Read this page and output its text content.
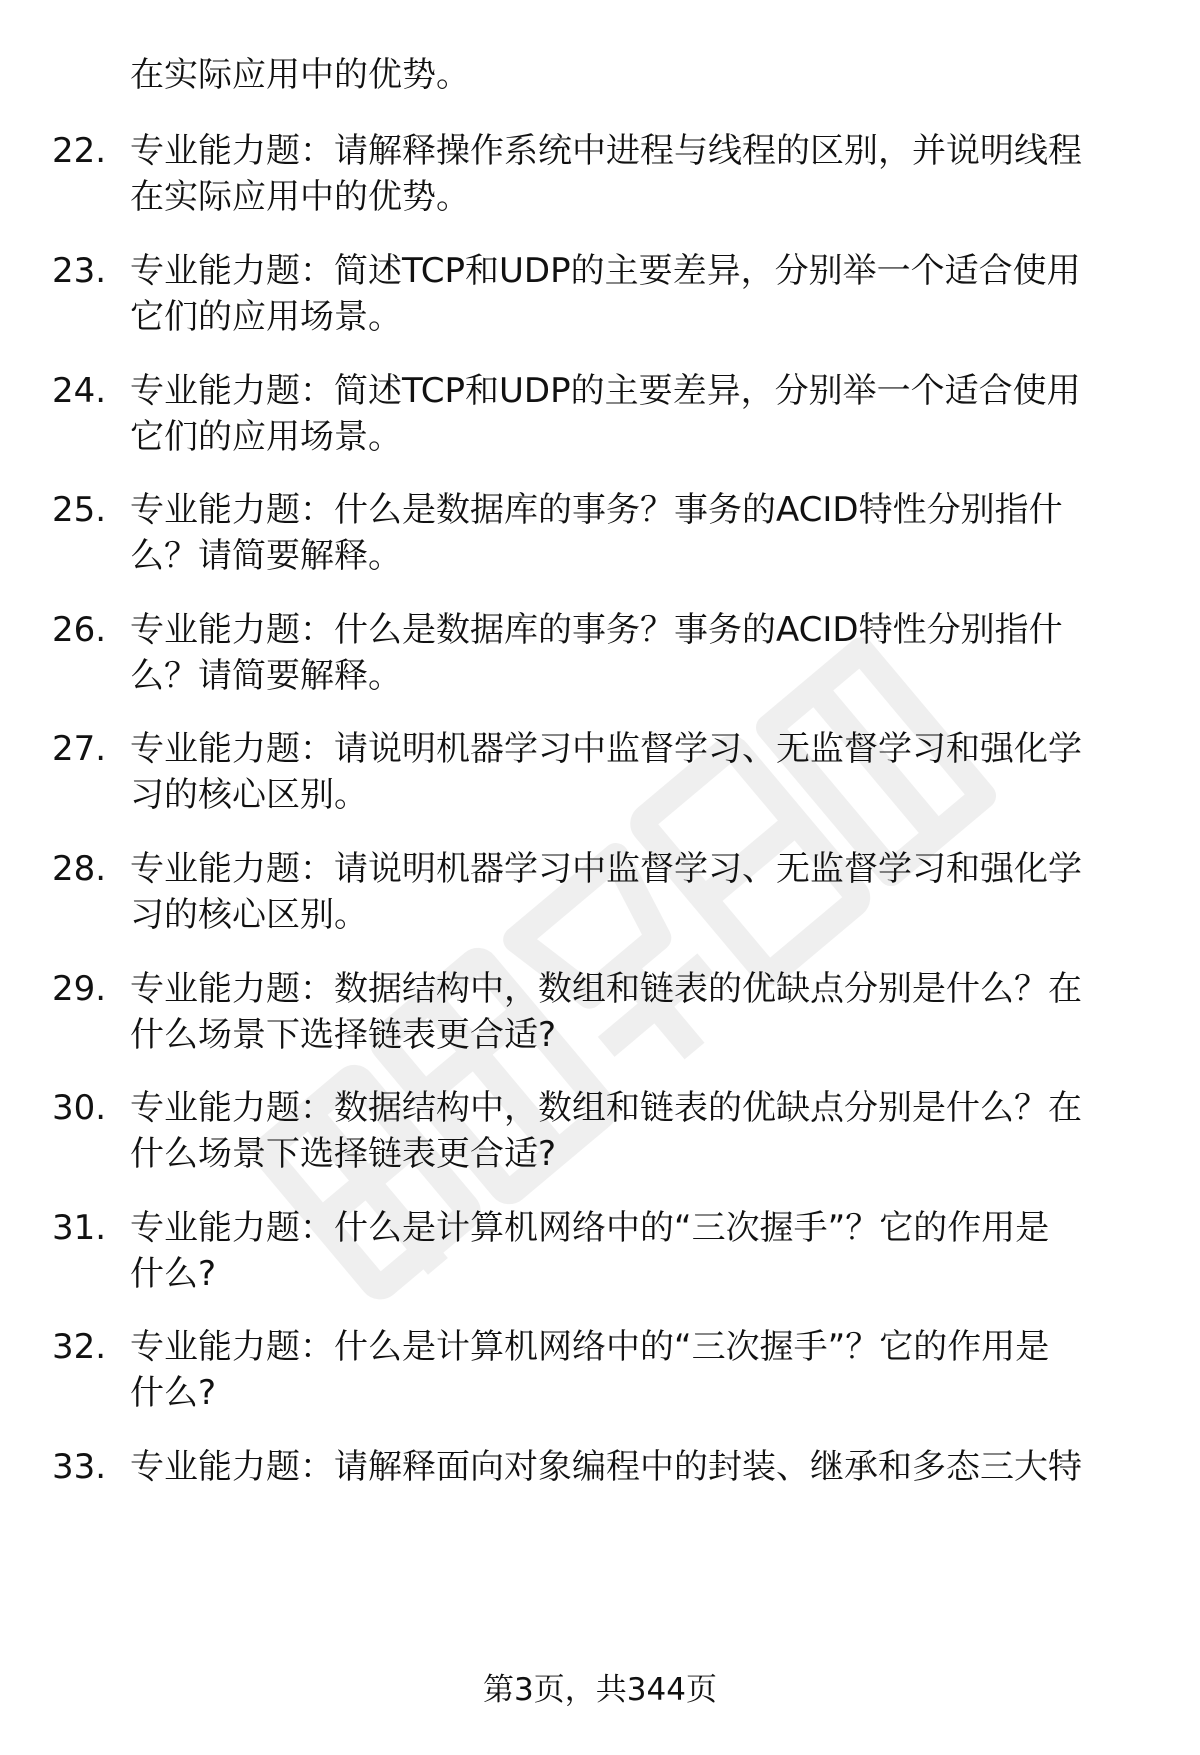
在实际应用中的优势。
22. 专业能力题：请解释操作系统中进程与线程的区别，并说明线程
在实际应用中的优势。
23. 专业能力题：简述TCP和UDP的主要差异，分别举一个适合使用
它们的应用场景。
24. 专业能力题：简述TCP和UDP的主要差异，分别举一个适合使用
它们的应用场景。
25. 专业能力题：什么是数据库的事务？事务的ACID特性分别指什
么？请简要解释。
26. 专业能力题：什么是数据库的事务？事务的ACID特性分别指什
么？请简要解释。
27. 专业能力题：请说明机器学习中监督学习、无监督学习和强化学
习的核心区别。
28. 专业能力题：请说明机器学习中监督学习、无监督学习和强化学
习的核心区别。
29. 专业能力题：数据结构中，数组和链表的优缺点分别是什么？在
什么场景下选择链表更合适?
30. 专业能力题：数据结构中，数组和链表的优缺点分别是什么？在
什么场景下选择链表更合适?
31. 专业能力题：什么是计算机网络中的“三次握手”？它的作用是
什么?
32. 专业能力题：什么是计算机网络中的“三次握手”？它的作用是
什么?
33. 专业能力题：请解释面向对象编程中的封装、继承和多态三大特
第3页，共344页
